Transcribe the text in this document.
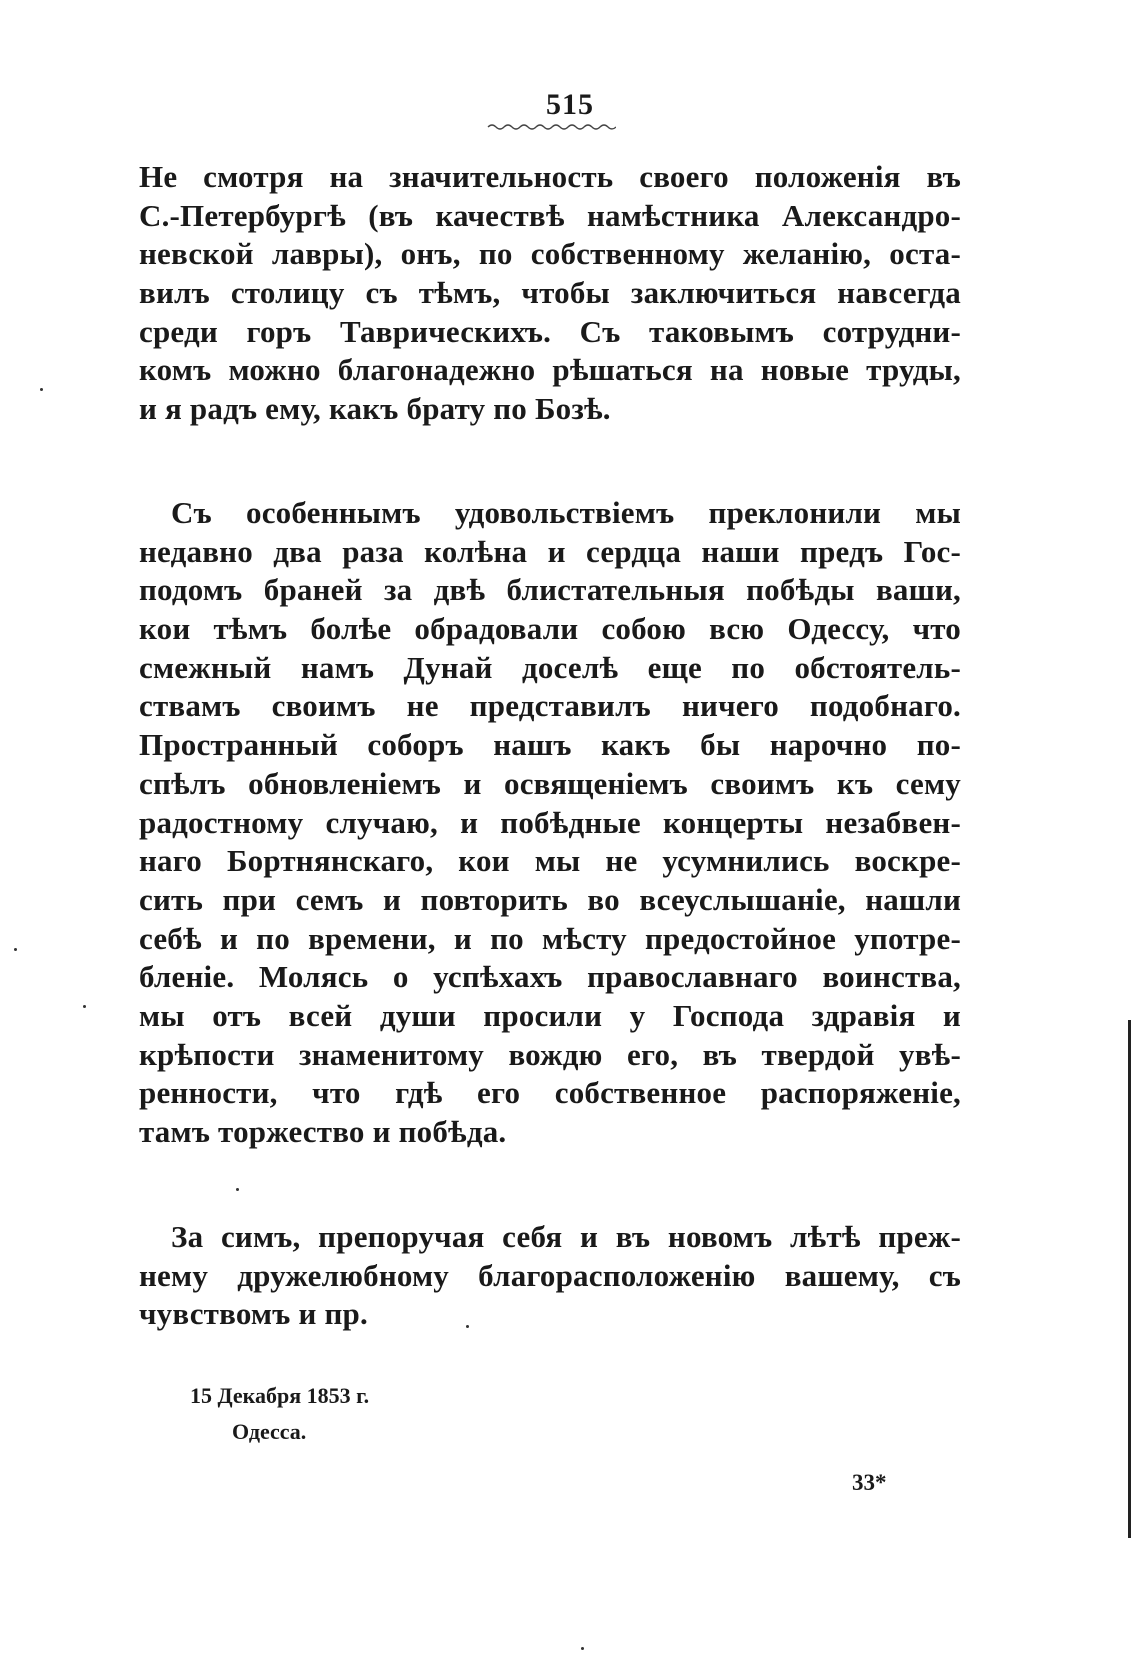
515
Не смотря на значительность своего положенія въ
С.-Петербургѣ (въ качествѣ намѣстника Александро-
невской лавры), онъ, по собственному желанію, оста-
вилъ столицу съ тѣмъ, чтобы заключиться навсегда
среди горъ Таврическихъ. Съ таковымъ сотрудни-
комъ можно благонадежно рѣшаться на новые труды,
и я радъ ему, какъ брату по Бозѣ.
Съ особеннымъ удовольствіемъ преклонили мы
недавно два раза колѣна и сердца наши предъ Гос-
подомъ браней за двѣ блистательныя побѣды ваши,
кои тѣмъ болѣе обрадовали собою всю Одессу, что
смежный намъ Дунай доселѣ еще по обстоятель-
ствамъ своимъ не представилъ ничего подобнаго.
Пространный соборъ нашъ какъ бы нарочно по-
спѣлъ обновленіемъ и освященіемъ своимъ къ сему
радостному случаю, и побѣдные концерты незабвен-
наго Бортнянскаго, кои мы не усумнились воскре-
сить при семъ и повторить во всеуслышаніе, нашли
себѣ и по времени, и по мѣсту предостойное употре-
бленіе. Молясь о успѣхахъ православнаго воинства,
мы отъ всей души просили у Господа здравія и
крѣпости знаменитому вождю его, въ твердой увѣ-
ренности, что гдѣ его собственное распоряженіе,
тамъ торжество и побѣда.
За симъ, препоручая себя и въ новомъ лѣтѣ преж-
нему дружелюбному благорасположенію вашему, съ
чувствомъ и пр.
15 Декабря 1853 г.
Одесса.
33*
